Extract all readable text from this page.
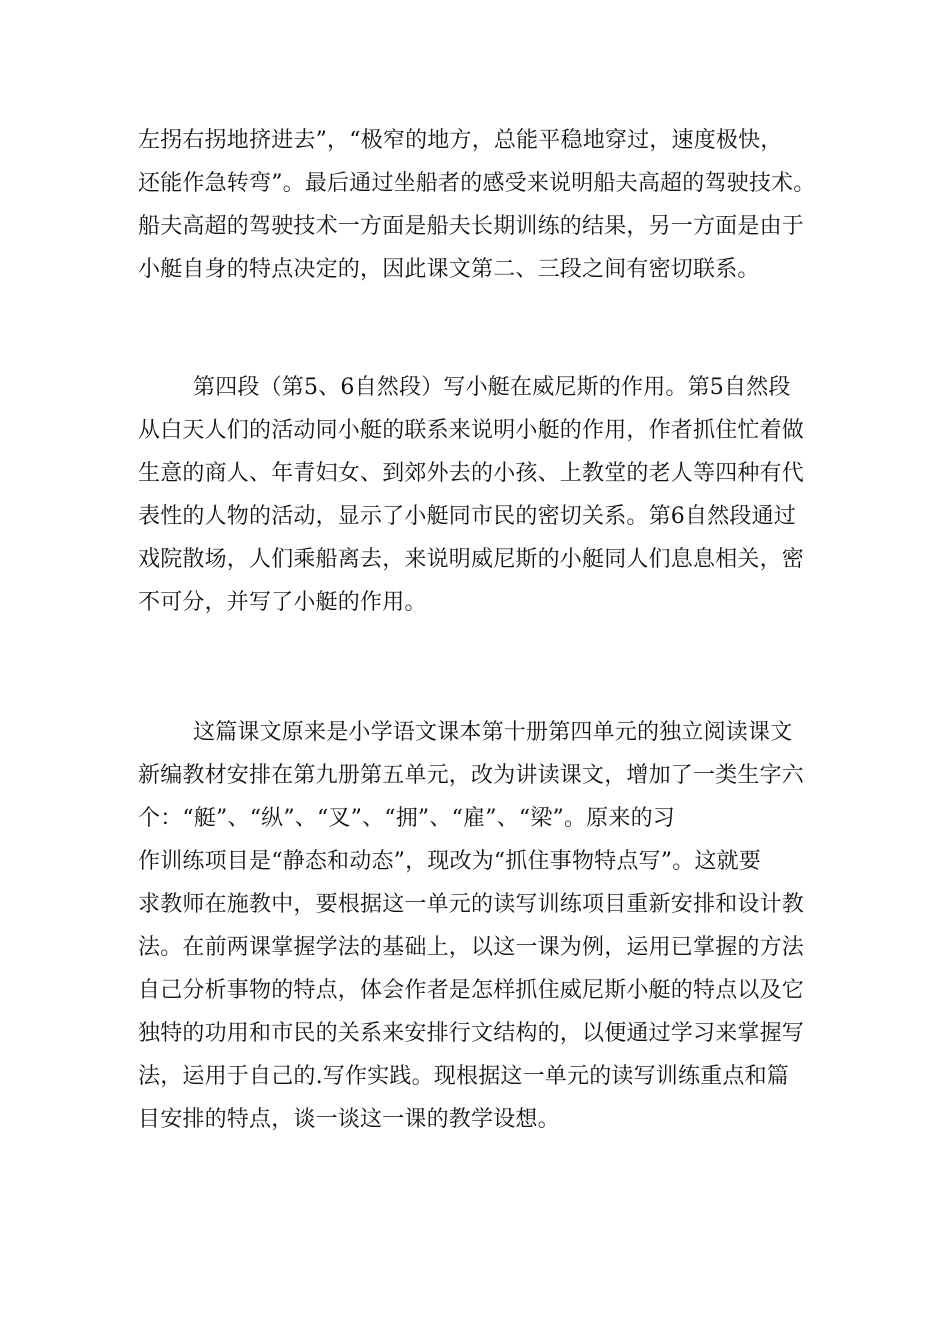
左拐右拐地挤进去”，“极窄的地方，总能平稳地穿过，速度极快，
还能作急转弯”。最后通过坐船者的感受来说明船夫高超的驾驶技术。
船夫高超的驾驶技术一方面是船夫长期训练的结果，另一方面是由于
小艇自身的特点决定的，因此课文第二、三段之间有密切联系。
第四段（第5、6自然段）写小艇在威尼斯的作用。第5自然段
从白天人们的活动同小艇的联系来说明小艇的作用，作者抓住忙着做
生意的商人、年青妇女、到郊外去的小孩、上教堂的老人等四种有代
表性的人物的活动，显示了小艇同市民的密切关系。第6自然段通过
戏院散场，人们乘船离去，来说明威尼斯的小艇同人们息息相关，密
不可分，并写了小艇的作用。
这篇课文原来是小学语文课本第十册第四单元的独立阅读课文
新编教材安排在第九册第五单元，改为讲读课文，增加了一类生字六
个：“艇”、“纵”、“叉”、“拥”、“雇”、“梁”。原来的习
作训练项目是“静态和动态”，现改为“抓住事物特点写”。这就要
求教师在施教中，要根据这一单元的读写训练项目重新安排和设计教
法。在前两课掌握学法的基础上，以这一课为例，运用已掌握的方法
自己分析事物的特点，体会作者是怎样抓住威尼斯小艇的特点以及它
独特的功用和市民的关系来安排行文结构的，以便通过学习来掌握写
法，运用于自己的.写作实践。现根据这一单元的读写训练重点和篇
目安排的特点，谈一谈这一课的教学设想。
